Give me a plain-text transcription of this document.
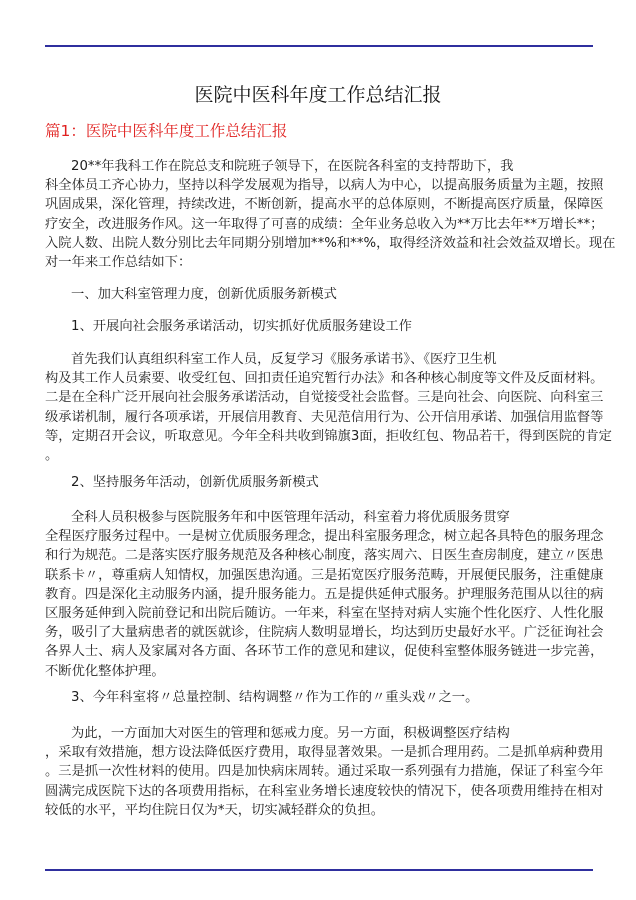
医院中医科年度工作总结汇报
篇1：医院中医科年度工作总结汇报
20**年我科工作在院总支和院班子领导下，在医院各科室的支持帮助下，我
科全体员工齐心协力，坚持以科学发展观为指导，以病人为中心，以提高服务质量为主题，按照
巩固成果，深化管理，持续改进，不断创新，提高水平的总体原则，不断提高医疗质量，保障医
疗安全，改进服务作风。这一年取得了可喜的成绩：全年业务总收入为**万比去年**万增长**；
入院人数、出院人数分别比去年同期分别增加**%和**%，取得经济效益和社会效益双增长。现在
对一年来工作总结如下：
一、加大科室管理力度，创新优质服务新模式
1、开展向社会服务承诺活动，切实抓好优质服务建设工作
首先我们认真组织科室工作人员，反复学习《服务承诺书》、《医疗卫生机
构及其工作人员索要、收受红包、回扣责任追究暂行办法》和各种核心制度等文件及反面材料。
二是在全科广泛开展向社会服务承诺活动，自觉接受社会监督。三是向社会、向医院、向科室三
级承诺机制，履行各项承诺，开展信用教育、夫见范信用行为、公开信用承诺、加强信用监督等
等，定期召开会议，听取意见。今年全科共收到锦旗3面，拒收红包、物品若干，得到医院的肯定
。
2、坚持服务年活动，创新优质服务新模式
全科人员积极参与医院服务年和中医管理年活动，科室着力将优质服务贯穿
全程医疗服务过程中。一是树立优质服务理念，提出科室服务理念，树立起各具特色的服务理念
和行为规范。二是落实医疗服务规范及各种核心制度，落实周六、日医生查房制度，建立〃医患
联系卡〃，尊重病人知情权，加强医患沟通。三是拓宽医疗服务范畴，开展便民服务，注重健康
教育。四是深化主动服务内涵，提升服务能力。五是提供延伸式服务。护理服务范围从以往的病
区服务延伸到入院前登记和出院后随访。一年来，科室在坚持对病人实施个性化医疗、人性化服
务，吸引了大量病患者的就医就诊，住院病人数明显增长，均达到历史最好水平。广泛征询社会
各界人士、病人及家属对各方面、各环节工作的意见和建议，促使科室整体服务链进一步完善，
不断优化整体护理。
3、今年科室将〃总量控制、结构调整〃作为工作的〃重头戏〃之一。
为此，一方面加大对医生的管理和惩戒力度。另一方面，积极调整医疗结构
，采取有效措施，想方设法降低医疗费用，取得显著效果。一是抓合理用药。二是抓单病种费用
。三是抓一次性材料的使用。四是加快病床周转。通过采取一系列强有力措施，保证了科室今年
圆满完成医院下达的各项费用指标，在科室业务增长速度较快的情况下，使各项费用维持在相对
较低的水平，平均住院日仅为*天，切实减轻群众的负担。
